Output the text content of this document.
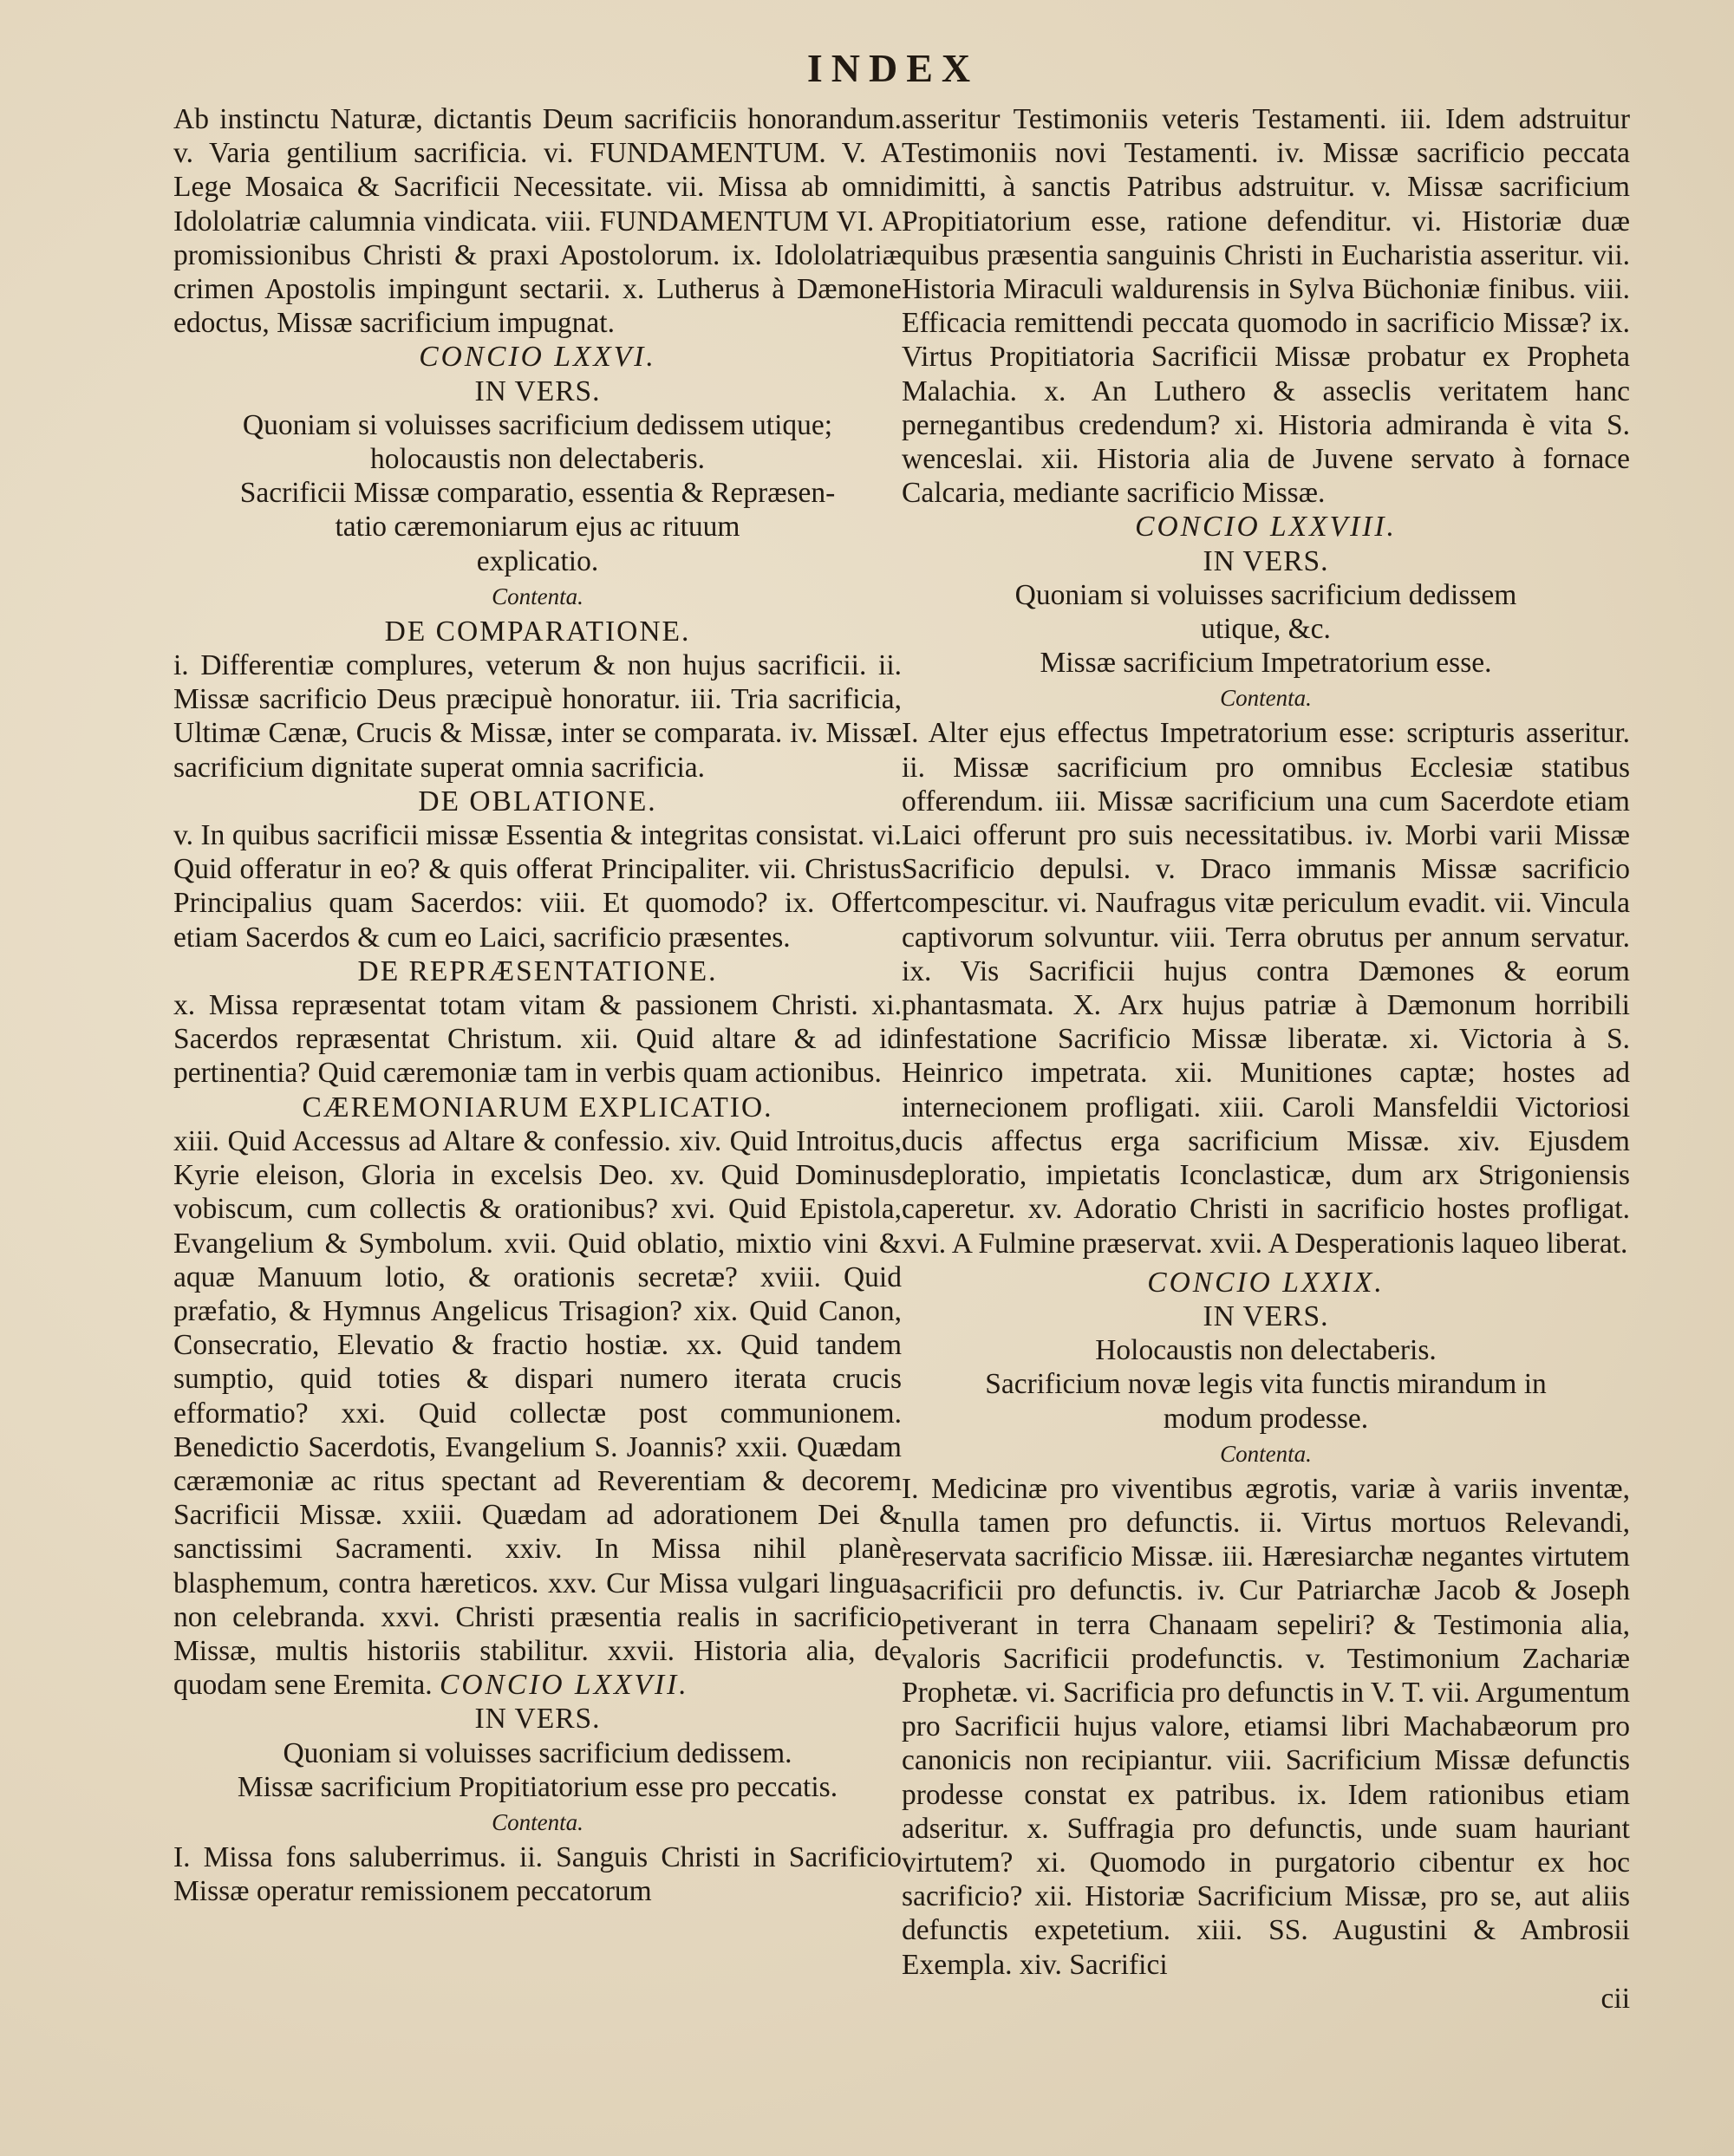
INDEX

Ab instinctu Naturæ, dictantis Deum sacrificiis honorandum. v. Varia gentilium sacrificia. vi. FUNDAMENTUM. V. A Lege Mosaica & Sacrificii Necessitate. vii. Missa ab omni Idololatriæ calumnia vindicata. viii. FUNDAMENTUM VI. A promissionibus Christi & praxi Apostolorum. ix. Idololatriæ crimen Apostolis impingunt sectarii. x. Lutherus à Dæmone edoctus, Missæ sacrificium impugnat.

CONCIO LXXVI.
IN VERS.
Quoniam si voluisses sacrificium dedissem utique;
holocaustis non delectaberis.
Sacrificii Missæ comparatio, essentia & Repræsen-
tatio cæremoniarum ejus ac rituum
explicatio.
Contenta.
DE COMPARATIONE.

i. Differentiæ complures, veterum & non hujus sacrificii. ii. Missæ sacrificio Deus præcipuè honoratur. iii. Tria sacrificia, Ultimæ Cænæ, Crucis & Missæ, inter se comparata. iv. Missæ sacrificium dignitate superat omnia sacrificia.

DE OBLATIONE.

v. In quibus sacrificii missæ Essentia & integritas consistat. vi. Quid offeratur in eo? & quis offerat Principaliter. vii. Christus Principalius quam Sacerdos: viii. Et quomodo? ix. Offert etiam Sacerdos & cum eo Laici, sacrificio præsentes.

DE REPRÆSENTATIONE.

x. Missa repræsentat totam vitam & passionem Christi. xi. Sacerdos repræsentat Christum. xii. Quid altare & ad id pertinentia? Quid cæremoniæ tam in verbis quam actionibus.

CÆREMONIARUM EXPLICATIO.

xiii. Quid Accessus ad Altare & confessio. xiv. Quid Introitus, Kyrie eleison, Gloria in excelsis Deo. xv. Quid Dominus vobiscum, cum collectis & orationibus? xvi. Quid Epistola, Evangelium & Symbolum. xvii. Quid oblatio, mixtio vini & aquæ Manuum lotio, & orationis secretæ? xviii. Quid præfatio, & Hymnus Angelicus Trisagion? xix. Quid Canon, Consecratio, Elevatio & fractio hostiæ. xx. Quid tandem sumptio, quid toties & dispari numero iterata crucis efformatio? xxi. Quid collectæ post communionem. Benedictio Sacerdotis, Evangelium S. Joannis? xxii. Quædam cæræmoniæ ac ritus spectant ad Reverentiam & decorem Sacrificii Missæ. xxiii. Quædam ad adorationem Dei & sanctissimi Sacramenti. xxiv. In Missa nihil planè blasphemum, contra hæreticos. xxv. Cur Missa vulgari lingua non celebranda. xxvi. Christi præsentia realis in sacrificio Missæ, multis historiis stabilitur. xxvii. Historia alia, de quodam sene Eremita. CONCIO LXXVII.

IN VERS.
Quoniam si voluisses sacrificium dedissem.
Missæ sacrificium Propitiatorium esse pro peccatis.
Contenta.

I. Missa fons saluberrimus. ii. Sanguis Christi in Sacrificio Missæ operatur remissionem peccatorum

asseritur Testimoniis veteris Testamenti. iii. Idem adstruitur Testimoniis novi Testamenti. iv. Missæ sacrificio peccata dimitti, à sanctis Patribus adstruitur. v. Missæ sacrificium Propitiatorium esse, ratione defenditur. vi. Historiæ duæ quibus præsentia sanguinis Christi in Eucharistia asseritur. vii. Historia Miraculi waldurensis in Sylva Büchoniæ finibus. viii. Efficacia remittendi peccata quomodo in sacrificio Missæ? ix. Virtus Propitiatoria Sacrificii Missæ probatur ex Propheta Malachia. x. An Luthero & asseclis veritatem hanc pernegantibus credendum? xi. Historia admiranda è vita S. wenceslai. xii. Historia alia de Juvene servato à fornace Calcaria, mediante sacrificio Missæ.

CONCIO LXXVIII.
IN VERS.
Quoniam si voluisses sacrificium dedissem
utique, &c.
Missæ sacrificium Impetratorium esse.
Contenta.

I. Alter ejus effectus Impetratorium esse: scripturis asseritur. ii. Missæ sacrificium pro omnibus Ecclesiæ statibus offerendum. iii. Missæ sacrificium una cum Sacerdote etiam Laici offerunt pro suis necessitatibus. iv. Morbi varii Missæ Sacrificio depulsi. v. Draco immanis Missæ sacrificio compescitur. vi. Naufragus vitæ periculum evadit. vii. Vincula captivorum solvuntur. viii. Terra obrutus per annum servatur. ix. Vis Sacrificii hujus contra Dæmones & eorum phantasmata. X. Arx hujus patriæ à Dæmonum horribili infestatione Sacrificio Missæ liberatæ. xi. Victoria à S. Heinrico impetrata. xii. Munitiones captæ; hostes ad internecionem profligati. xiii. Caroli Mansfeldii Victoriosi ducis affectus erga sacrificium Missæ. xiv. Ejusdem deploratio, impietatis Iconclasticæ, dum arx Strigoniensis caperetur. xv. Adoratio Christi in sacrificio hostes profligat. xvi. A Fulmine præservat. xvii. A Desperationis laqueo liberat.

CONCIO LXXIX.
IN VERS.
Holocaustis non delectaberis.
Sacrificium novæ legis vita functis mirandum in
modum prodesse.
Contenta.

I. Medicinæ pro viventibus ægrotis, variæ à variis inventæ, nulla tamen pro defunctis. ii. Virtus mortuos Relevandi, reservata sacrificio Missæ. iii. Hæresiarchæ negantes virtutem sacrificii pro defunctis. iv. Cur Patriarchæ Jacob & Joseph petiverant in terra Chanaam sepeliri? & Testimonia alia, valoris Sacrificii prodefunctis. v. Testimonium Zachariæ Prophetæ. vi. Sacrificia pro defunctis in V. T. vii. Argumentum pro Sacrificii hujus valore, etiamsi libri Machabæorum pro canonicis non recipiantur. viii. Sacrificium Missæ defunctis prodesse constat ex patribus. ix. Idem rationibus etiam adseritur. x. Suffragia pro defunctis, unde suam hauriant virtutem? xi. Quomodo in purgatorio cibentur ex hoc sacrificio? xii. Historiæ Sacrificium Missæ, pro se, aut aliis defunctis expetetium. xiii. SS. Augustini & Ambrosii Exempla. xiv. Sacrifici

cii
